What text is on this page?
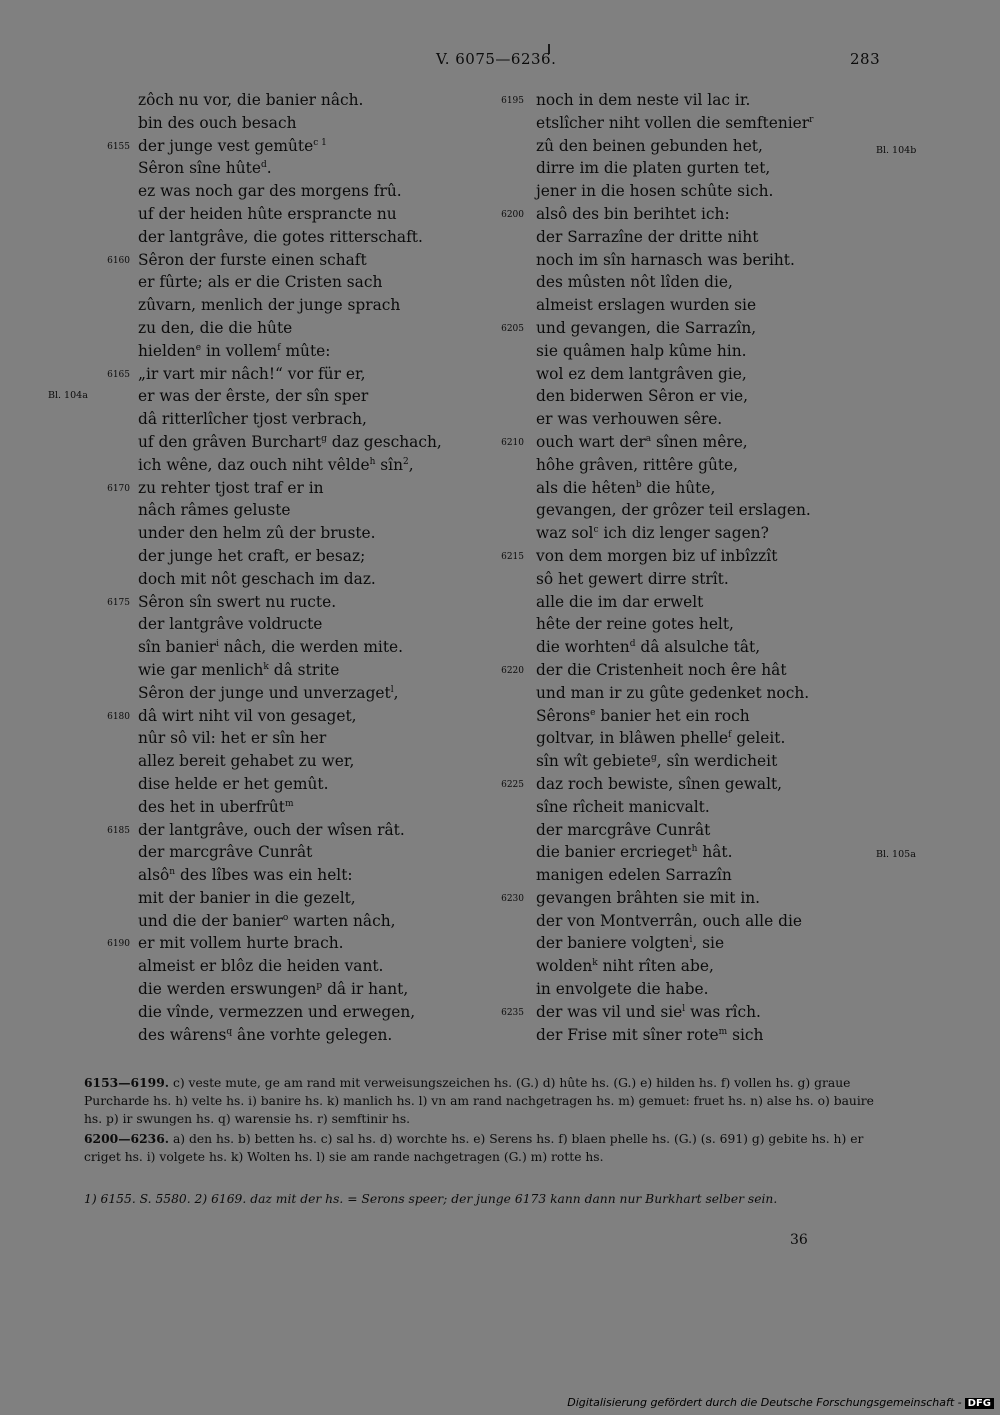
V. 6075—6236.	283
zôch nu vor, die banier nâch.
bin des ouch besach
6155 der junge vest gemûte$^{c 1}$
Sêron sîne hûte$^d$.
ez was noch gar des morgens frû.
uf der heiden hûte ersprancte nu
der lantgrâve, die gotes ritterschaft.
6160 Sêron der furste einen schaft
er fûrte; als er die Cristen sach
zûvarn, menlich der junge sprach
zu den, die die hûte
hielden$^e$ in vollem$^f$ mûte:
6165 „ir vart mir nâch!“ vor für er,
er was der êrste, der sîn sper
dâ ritterlîcher tjost verbrach,
uf den grâven Burchart$^g$ daz geschach,
ich wêne, daz ouch niht vêlde$^h$ sîn$^2$,
6170 zu rehter tjost traf er in
nâch râmes geluste
under den helm zû der bruste.
der junge het craft, er besaz;
doch mit nôt geschach im daz.
6175 Sêron sîn swert nu ructe.
der lantgrâve voldructe
sîn banier$^i$ nâch, die werden mite.
wie gar menlich$^k$ dâ strite
Sêron der junge und unverzaget$^l$,
6180 dâ wirt niht vil von gesaget,
nûr sô vil: het er sîn her
allez bereit gehabet zu wer,
dise helde er het gemût.
des het in uberfrût$^m$
6185 der lantgrâve, ouch der wîsen rât.
der marcgrâve Cunrât
alsô$^n$ des lîbes was ein helt:
mit der banier in die gezelt,
und die der banier$^o$ warten nâch,
6190 er mit vollem hurte brach.
almeist er blôz die heiden vant.
die werden erswungen$^p$ dâ ir hant,
die vînde, vermezzen und erwegen,
des wârens$^q$ âne vorhte gelegen.
6195 noch in dem neste vil lac ir.
etslîcher niht vollen die semftenier$^r$
zû den beinen gebunden het,
dirre im die platen gurten tet,
jener in die hosen schûte sich.
6200 alsô des bin berihtet ich:
der Sarrazîne der dritte niht
noch im sîn harnasch was beriht.
des mûsten nôt lîden die,
almeist erslagen wurden sie
6205 und gevangen, die Sarrazîn,
sie quâmen halp kûme hin.
wol ez dem lantgrâven gie,
den biderwen Sêron er vie,
er was verhouwen sêre.
6210 ouch wart der$^a$ sînen mêre,
hôhe grâven, rittêre gûte,
als die hêten$^b$ die hûte,
gevangen, der grôzer teil erslagen.
waz sol$^c$ ich diz lenger sagen?
6215 von dem morgen biz uf inbîzzît
sô het gewert dirre strît.
alle die im dar erwelt
hête der reine gotes helt,
die worhten$^d$ dâ alsulche tât,
6220 der die Cristenheit noch êre hât
und man ir zu gûte gedenket noch.
Sêrons$^e$ banier het ein roch
goltvar, in blâwen phelle$^f$ geleit.
sîn wît gebiete$^g$, sîn werdicheit
6225 daz roch bewiste, sînen gewalt,
sîne rîcheit manicvalt.
der marcgrâve Cunrât
die banier ercrieget$^h$ hât.
manigen edelen Sarrazîn
6230 gevangen brâhten sie mit in.
der von Montverrân, ouch alle die
der baniere volgten$^i$, sie
wolden$^k$ niht rîten abe,
in envolgete die habe.
6235 der was vil und sie$^l$ was rîch.
der Frise mit sîner rote$^m$ sich
Bl. 104a
Bl. 104b
Bl. 105a

6153—6199. c) veste mute, ge am rand mit verweisungszeichen hs. (G.) d) hûte hs. (G.) e) hilden hs. f) vollen hs. g) graue Purcharde hs. h) velte hs. i) banire hs. k) manlich hs. l) vn am rand nachgetragen hs. m) gemuet: fruet hs. n) alse hs. o) bauire hs. p) ir swungen hs. q) warensie hs. r) semftinir hs.

6200—6236. a) den hs. b) betten hs. c) sal hs. d) worchte hs. e) Serens hs. f) blaen phelle hs. (G.) (s. 691) g) gebite hs. h) er criget hs. i) volgete hs. k) Wolten hs. l) sie am rande nachgetragen (G.) m) rotte hs.

1) 6155. S. 5580. 2) 6169. daz mit der hs. = Serons speer; der junge 6173 kann dann nur Burkhart selber sein.

36
Digitalisierung gefördert durch die Deutsche Forschungsgemeinschaft - DFG
